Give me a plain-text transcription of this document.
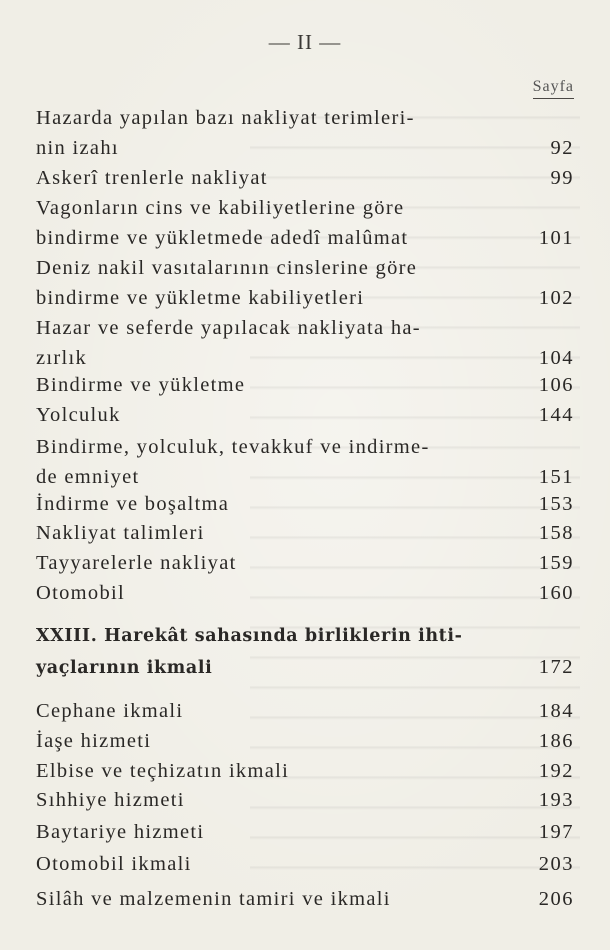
— II —
Sayfa
Hazarda yapılan bazı nakliyat terimleri-
nin izahı	92
Askerî trenlerle nakliyat	99
Vagonların cins ve kabiliyetlerine göre
bindirme ve yükletmede adedî malûmat	101
Deniz nakil vasıtalarının cinslerine göre
bindirme ve yükletme kabiliyetleri	102
Hazar ve seferde yapılacak nakliyata ha-
zırlık	104
Bindirme ve yükletme	106
Yolculuk	144
Bindirme, yolculuk, tevakkuf ve indirme-
de emniyet	151
İndirme ve boşaltma	153
Nakliyat talimleri	158
Tayyarelerle nakliyat	159
Otomobil	160
XXIII. Harekât sahasında birliklerin ihti-
yaçlarının ikmali	172
Cephane ikmali	184
İaşe hizmeti	186
Elbise ve teçhizatın ikmali	192
Sıhhiye hizmeti	193
Baytariye hizmeti	197
Otomobil ikmali	203
Silâh ve malzemenin tamiri ve ikmali	206
